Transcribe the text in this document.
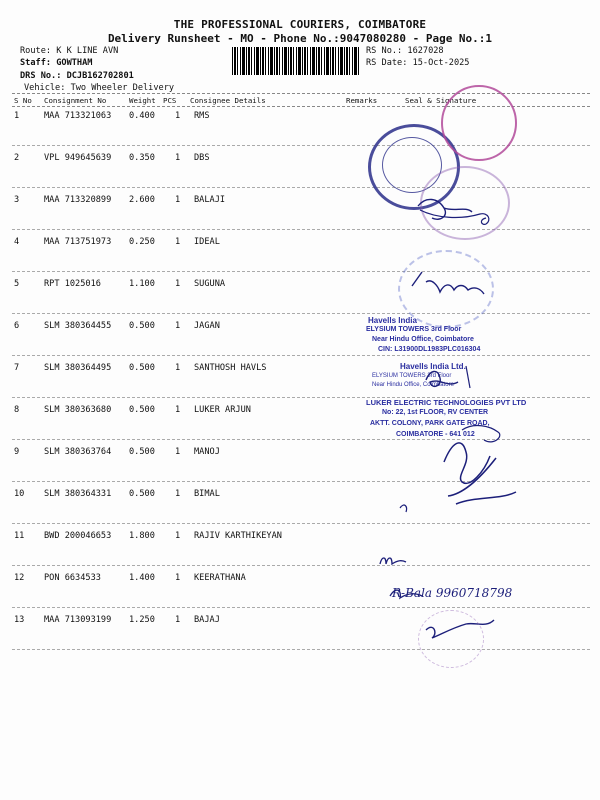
THE PROFESSIONAL COURIERS, COIMBATORE
Delivery Runsheet - MO - Phone No.:9047080280 - Page No.:1
Route: K K LINE AVN
Staff: GOWTHAM
DRS No.: DCJB162702801
Vehicle: Two Wheeler Delivery
RS No.: 1627028
RS Date: 15-Oct-2025
S No Consignment No	Weight PCS Consignee Details	Remarks	Seal & Signature
1	MAA 713321063 0.400 1 RMS
2	VPL 949645639 0.350 1 DBS
3	MAA 713320899 2.600 1 BALAJI
4	MAA 713751973 0.250 1 IDEAL
5	RPT 1025016	1.100 1 SUGUNA
6	SLM 380364455 0.500 1 JAGAN
7	SLM 380364495 0.500 1 SANTHOSH HAVLS
8	SLM 380363680 0.500 1 LUKER ARJUN
9	SLM 380363764 0.500 1 MANOJ
10 SLM 380364331 0.500 1 BIMAL
11 BWD 200046653 1.800 1 RAJIV KARTHIKEYAN
12 PON 6634533	1.400 1 KEERATHANA
13 MAA 713093199 1.250 1 BAJAJ
Havells India
ELYSIUM TOWERS 3rd Floor
Near Hindu Office, Coimbatore
CIN: L31900DL1983PLC016304
Havells India Ltd.
ELYSIUM TOWERS 3rd Floor
Near Hindu Office, Coimbatore
LUKER ELECTRIC TECHNOLOGIES PVT LTD
No: 22, 1st FLOOR, RV CENTER
AKTT. COLONY, PARK GATE ROAD,
COIMBATORE - 641 012
R-Bala 9960718798
